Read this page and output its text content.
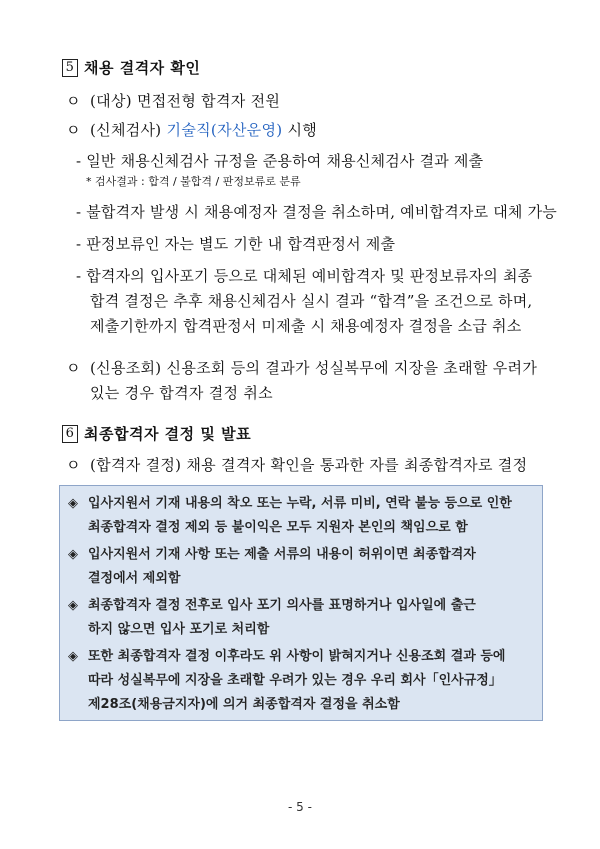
5 채용 결격자 확인
ㅇ (대상) 면접전형 합격자 전원
ㅇ (신체검사) 기술직(자산운영) 시행
- 일반 채용신체검사 규정을 준용하여 채용신체검사 결과 제출
* 검사결과 : 합격 / 불합격 / 판정보류로 분류
- 불합격자 발생 시 채용예정자 결정을 취소하며, 예비합격자로 대체 가능
- 판정보류인 자는 별도 기한 내 합격판정서 제출
- 합격자의 입사포기 등으로 대체된 예비합격자 및 판정보류자의 최종
합격 결정은 추후 채용신체검사 실시 결과 “합격”을 조건으로 하며,
제출기한까지 합격판정서 미제출 시 채용예정자 결정을 소급 취소
ㅇ (신용조회) 신용조회 등의 결과가 성실복무에 지장을 초래할 우려가
있는 경우 합격자 결정 취소
6 최종합격자 결정 및 발표
ㅇ (합격자 결정) 채용 결격자 확인을 통과한 자를 최종합격자로 결정
◈ 입사지원서 기재 내용의 착오 또는 누락, 서류 미비, 연락 불능 등으로 인한
최종합격자 결정 제외 등 불이익은 모두 지원자 본인의 책임으로 함
◈ 입사지원서 기재 사항 또는 제출 서류의 내용이 허위이면 최종합격자
결정에서 제외함
◈ 최종합격자 결정 전후로 입사 포기 의사를 표명하거나 입사일에 출근
하지 않으면 입사 포기로 처리함
◈ 또한 최종합격자 결정 이후라도 위 사항이 밝혀지거나 신용조회 결과 등에
따라 성실복무에 지장을 초래할 우려가 있는 경우 우리 회사「인사규정」
제28조(채용금지자)에 의거 최종합격자 결정을 취소함
- 5 -
